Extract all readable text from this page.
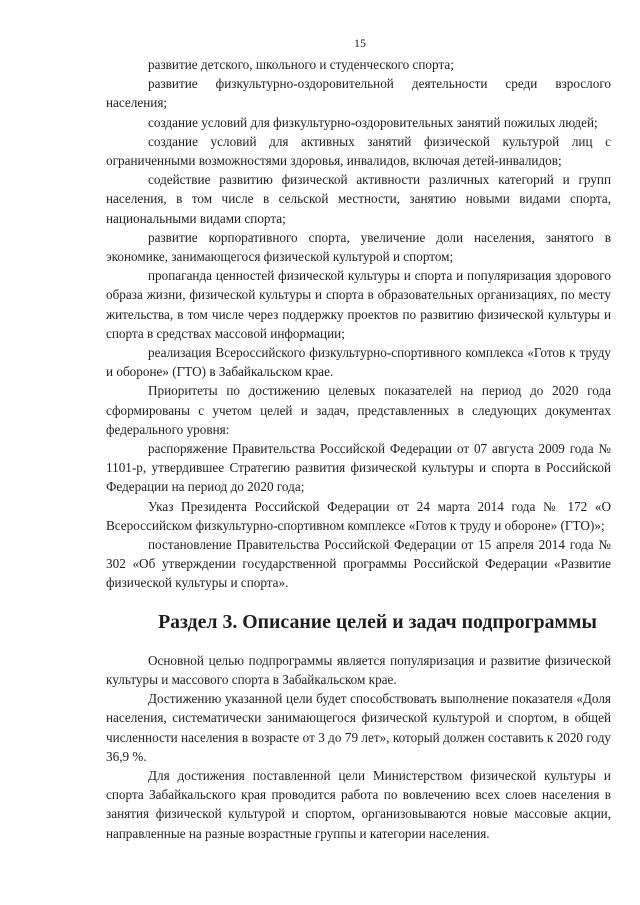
15

развитие детского, школьного и студенческого спорта;

развитие физкультурно-оздоровительной деятельности среди взрослого населения;

создание условий для физкультурно-оздоровительных занятий пожилых людей;

создание условий для активных занятий физической культурой лиц с ограниченными возможностями здоровья, инвалидов, включая детей-инвалидов;

содействие развитию физической активности различных категорий и групп населения, в том числе в сельской местности, занятию новыми видами спорта, национальными видами спорта;

развитие корпоративного спорта, увеличение доли населения, занятого в экономике, занимающегося физической культурой и спортом;

пропаганда ценностей физической культуры и спорта и популяризация здорового образа жизни, физической культуры и спорта в образовательных организациях, по месту жительства, в том числе через поддержку проектов по развитию физической культуры и спорта в средствах массовой информации;

реализация Всероссийского физкультурно-спортивного комплекса «Готов к труду и обороне» (ГТО) в Забайкальском крае.

Приоритеты по достижению целевых показателей на период до 2020 года сформированы с учетом целей и задач, представленных в следующих документах федерального уровня:

распоряжение Правительства Российской Федерации от 07 августа 2009 года № 1101-р, утвердившее Стратегию развития физической культуры и спорта в Российской Федерации на период до 2020 года;

Указ Президента Российской Федерации от 24 марта 2014 года № 172 «О Всероссийском физкультурно-спортивном комплексе «Готов к труду и обороне» (ГТО)»;

постановление Правительства Российской Федерации от 15 апреля 2014 года № 302 «Об утверждении государственной программы Российской Федерации «Развитие физической культуры и спорта».

Раздел 3. Описание целей и задач подпрограммы

Основной целью подпрограммы является популяризация и развитие физической культуры и массового спорта в Забайкальском крае.

Достижению указанной цели будет способствовать выполнение показателя «Доля населения, систематически занимающегося физической культурой и спортом, в общей численности населения в возрасте от 3 до 79 лет», который должен составить к 2020 году 36,9 %.

Для достижения поставленной цели Министерством физической культуры и спорта Забайкальского края проводится работа по вовлечению всех слоев населения в занятия физической культурой и спортом, организовываются новые массовые акции, направленные на разные возрастные группы и категории населения.
